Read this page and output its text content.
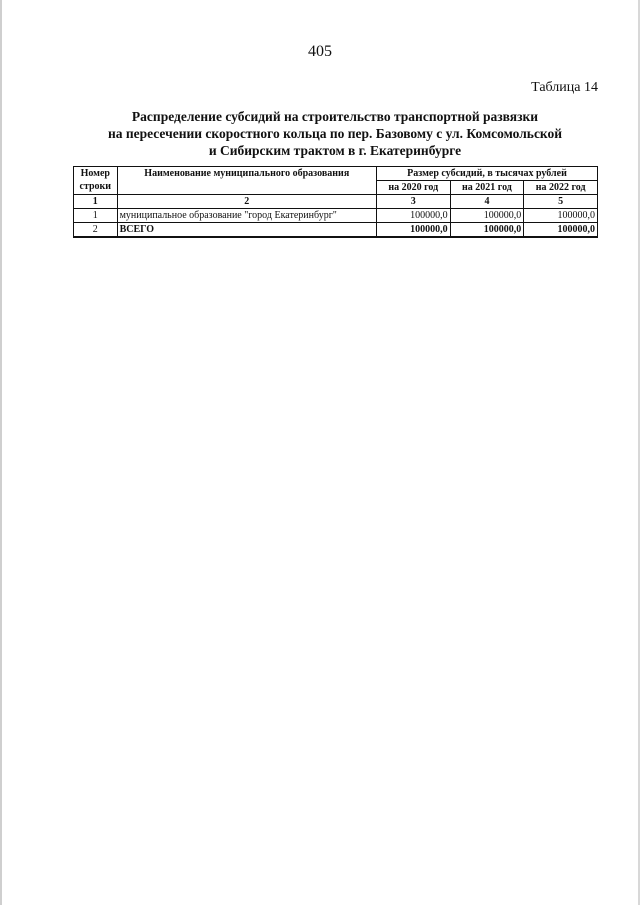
405
Таблица 14
Распределение субсидий на строительство транспортной развязки
на пересечении скоростного кольца по пер. Базовому с ул. Комсомольской
и Сибирским трактом в г. Екатеринбурге
Номер строки	Наименование муниципального образования	Размер субсидий, в тысячах рублей		
		на 2020 год	на 2021 год	на 2022 год
1	2	3	4	5
1	муниципальное образование "город Екатеринбург"	100000,0	100000,0	100000,0
2	ВСЕГО	100000,0	100000,0	100000,0
